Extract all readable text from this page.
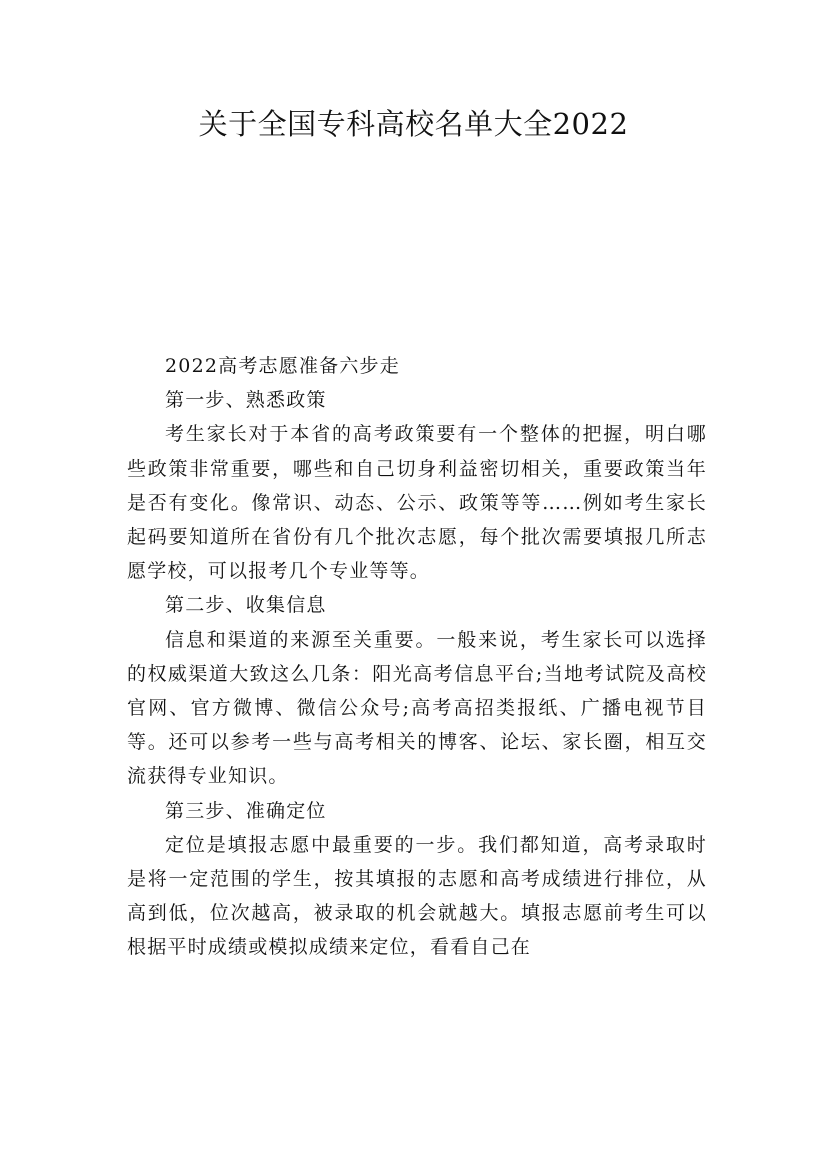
关于全国专科高校名单大全2022

2022高考志愿准备六步走

第一步、熟悉政策

考生家长对于本省的高考政策要有一个整体的把握，明白哪些政策非常重要，哪些和自己切身利益密切相关，重要政策当年是否有变化。像常识、动态、公示、政策等等……例如考生家长起码要知道所在省份有几个批次志愿，每个批次需要填报几所志愿学校，可以报考几个专业等等。

第二步、收集信息

信息和渠道的来源至关重要。一般来说，考生家长可以选择的权威渠道大致这么几条：阳光高考信息平台;当地考试院及高校官网、官方微博、微信公众号;高考高招类报纸、广播电视节目等。还可以参考一些与高考相关的博客、论坛、家长圈，相互交流获得专业知识。

第三步、准确定位

定位是填报志愿中最重要的一步。我们都知道，高考录取时是将一定范围的学生，按其填报的志愿和高考成绩进行排位，从高到低，位次越高，被录取的机会就越大。填报志愿前考生可以根据平时成绩或模拟成绩来定位，看看自己在
